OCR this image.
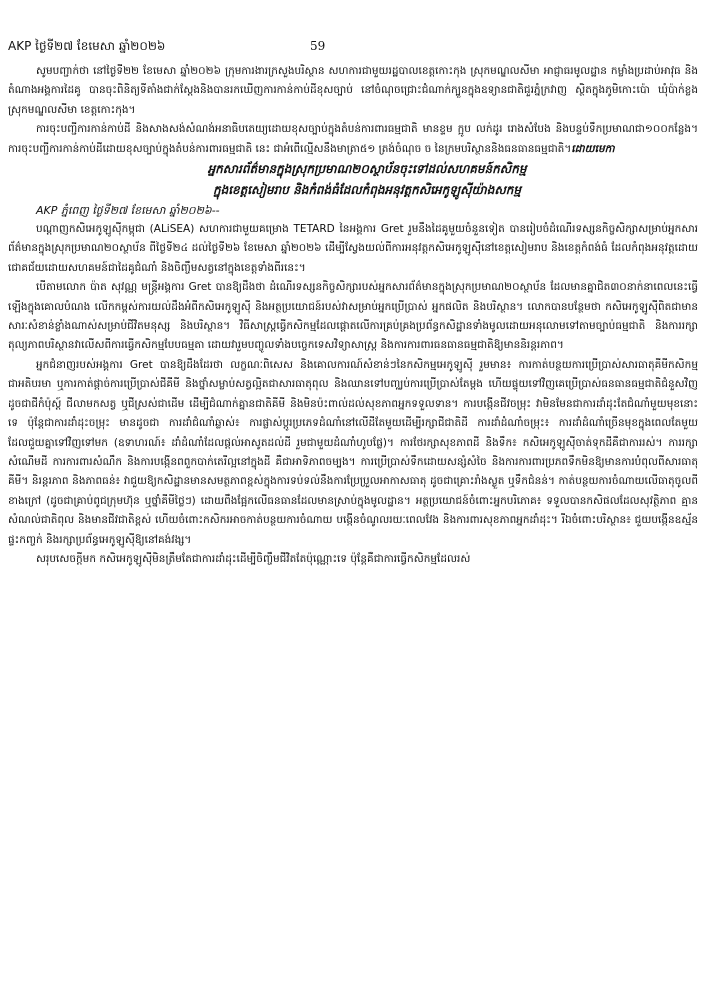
AKP ថ្ងៃទី២៧ ខែមេសា ឆ្នាំ២០២៦	59

សូមបញ្ជាក់ថា នៅថ្ងៃទី២២ ខែមេសា ឆ្នាំ២០២៦ ក្រុមការងារក្រសួងបរិស្ថាន សហការជាមួយរដ្ឋបាលខេត្តកោះកុង ស្រុកមណ្ឌលសីមា អាជ្ញាធរមូលដ្ឋាន កម្លាំងប្រដាប់អាវុធ និងតំណាងអង្គការដៃគូ បានចុះពិនិត្យទីតាំងជាក់ស្តែងនិងបានរកឃើញការកាន់កាប់ដីខុសច្បាប់ នៅចំណុចជ្រោះជំណាក់ក្បួនក្នុងឧទ្យានជាតិជួរភ្នំក្រវាញ ស្ថិតក្នុងភូមិកោះប៉ោ ឃុំប៉ាក់ខ្លង ស្រុកមណ្ឌលសីមា ខេត្តកោះកុង។

ការចុះបញ្ជីការកាន់កាប់ដី និងសាងសង់សំណង់អនាធិបតេយ្យដោយខុសច្បាប់ក្នុងតំបន់ការពារធម្មជាតិ មានខ្ទម ក្អូប លក់ដូរ រោងសំបែង និងបន្ទប់ទឹកប្រមាណជា១០០កន្លែង។ ការចុះបញ្ជីការកាន់កាប់ដីដោយខុសច្បាប់ក្នុងតំបន់ការពារធម្មជាតិ នេះ ជាអំពើល្មើសនឹងមាត្រា៥១ ត្រង់ចំណុច ច នៃក្រមបរិស្ថាននិងធនធានធម្មជាតិ។ដោយមេកា

អ្នកសារព័ត៌មានក្នុងស្រុកប្រមាណ២០ស្ថាប័នចុះទៅដល់សហគមន៍កសិកម្ម

ក្នុងខេត្តសៀមរាប និងកំពង់ធំដែលកំពុងអនុវត្តកសិអេកូឡូស៊ីយ៉ាងសកម្ម

AKP ភ្នំពេញ ថ្ងៃទី២៧ ខែមេសា ឆ្នាំ២០២៦--

បណ្តាញកសិអេកូឡូស៊ីកម្ពុជា (ALiSEA) សហការជាមួយគម្រោង TETARD នៃអង្គការ Gret រួមនឹងដៃគូមួយចំនួនទៀត បានរៀបចំដំណើរទស្សនកិច្ចសិក្សាសម្រាប់អ្នកសារព័ត៌មានក្នុងស្រុកប្រមាណ២០ស្ថាប័ន ពីថ្ងៃទី២៤ ដល់ថ្ងៃទី២៦ ខែមេសា ឆ្នាំ២០២៦ ដើម្បីស្វែងយល់ពីការអនុវត្តកសិអេកូឡូស៊ីនៅខេត្តសៀមរាប និងខេត្តកំពង់ធំ ដែលកំពុងអនុវត្តដោយជោគជ័យដោយសហគមន៍ជាដៃគូជំណាំ និងចិញ្ចឹមសត្វនៅក្នុងខេត្តទាំងពីរនេះ។

បើតាមលោក ប៉ាត សុវណ្ណ មន្ត្រីអង្គការ Gret បានឱ្យដឹងថា ដំណើរទស្សនកិច្ចសិក្សារបស់អ្នកសារព័ត៌មានក្នុងស្រុកប្រមាណ២០ស្ថាប័ន ដែលមានគ្នាជិត៣០នាក់នាពេលនេះធ្វើឡើងក្នុងគោលបំណង លើកកម្ពស់ការយល់ដឹងអំពីកសិអេកូឡូស៊ី និងអត្ថប្រយោជន៍របស់វាសម្រាប់អ្នកប្រើប្រាស់ អ្នកផលិត និងបរិស្ថាន។ លោកបានបន្ថែមថា កសិអេកូឡូស៊ីពិតជាមានសារៈសំខាន់ខ្លាំងណាស់សម្រាប់ជីវិតមនុស្ស និងបរិស្ថាន។ វិធីសាស្ត្រធ្វើកសិកម្មដែលផ្តោតលើការគ្រប់គ្រងប្រព័ន្ធកសិដ្ឋានទាំងមូលដោយអនុលោមទៅតាមច្បាប់ធម្មជាតិ និងការរក្សាតុល្យភាពបរិស្ថានវាលើសពីការធ្វើកសិកម្មបែបធម្មតា ដោយវារួមបញ្ចូលទាំងបច្ចេកទេសវិទ្យាសាស្ត្រ និងការការពារធនធានធម្មជាតិឱ្យមាននិរន្តរភាព។

អ្នកជំនាញរបស់អង្គការ Gret បានឱ្យដឹងដែរថា លក្ខណៈពិសេស និងគោលការណ៍សំខាន់ៗនៃកសិកម្មអេកូឡូស៊ី រួមមាន៖ ការកាត់បន្ថយការប្រើប្រាស់សារធាតុគីមីកសិកម្មជាអតិបរមា ឬការកាត់ផ្តាច់ការប្រើប្រាស់ជីគីមី និងថ្នាំសម្លាប់សត្វល្អិតជាសារធាតុពុល និងឈានទៅបញ្ឈប់ការប្រើប្រាស់តែម្តង ហើយផ្ទុយទៅវិញគេប្រើប្រាស់ធនធានធម្មជាតិជំនួសវិញ ដូចជាជីកំប៉ុស្ត៍ ជីលាមកសត្វ ឬជីស្រស់ជាដើម ដើម្បីជំណាក់គ្នានជាតិគីមី និងមិនប៉ះពាល់ដល់សុខភាពអ្នកទទួលទាន។ ការបង្កើនជីវចម្រុះ វាមិនមែនជាការដាំដុះតែជំណាំមួយមុខនោះទេ ប៉ុន្តែជាការដាំដុះចម្រុះ មានដូចជា ការដាំជំណាំឆ្លាស់៖ ការផ្លាស់ប្តូរប្រភេទដំណាំនៅលើដីតែមួយដើម្បីរក្សាជីជាតិដី ការដាំដំណាំចម្រុះ៖ ការដាំដំណាំច្រើនមុខក្នុងពេលតែមួយ ដែលជួយគ្នាទៅវិញទៅមក (ឧទាហរណ៍៖ ដាំដំណាំដែលផ្តល់អាសូតដល់ដី រួមជាមួយដំណាំហូបផ្លែ)។ ការថែរក្សាសុខភាពដី និងទឹក៖ កសិអេកូឡូស៊ីចាត់ទុកដីគឺជាការរស់។ ការរក្សាសំណើមដី ការការពារសំណឹក និងការបង្កើនពពួកបាក់តេរីល្អនៅក្នុងដី គឺជាអាទិភាពចម្បង។ ការប្រើប្រាស់ទឹកដោយសន្សំសំចៃ និងការការពារប្រភពទឹកមិនឱ្យមានការបំពុលពីសារធាតុគីមី។ និរន្តរភាព និងភាពធន់៖ វាជួយឱ្យកសិដ្ឋានមានសមត្ថភាពខ្ពស់ក្នុងការទប់ទល់នឹងការប្រែប្រួលអាកាសធាតុ ដូចជាគ្រោះរាំងស្ងួត ឬទឹកជំនន់។ កាត់បន្ថយការចំណាយលើធាតុចូលពីខាងក្រៅ (ដូចជាគ្រាប់ពូជក្រុមហ៊ុន ឬថ្នាំគីមីថ្លៃៗ) ដោយពឹងផ្អែកលើធនធានដែលមានស្រាប់ក្នុងមូលដ្ឋាន។ អត្ថប្រយោជន៍ចំពោះអ្នកបរិភោគ៖ ទទួលបានកសិផលដែលសុវត្ថិភាព គ្មានសំណល់ជាតិពុល និងមានជីវជាតិខ្ពស់ ហើយចំពោះកសិករអាចកាត់បន្ថយការចំណាយ បង្កើនចំណូលរយៈពេលវែង និងការពារសុខភាពអ្នកដាំដុះ។ រីឯចំពោះបរិស្ថាន៖ ជួយបង្កើនឧស្ម័នផ្ទះកញ្ចក់ និងរក្សាប្រព័ន្ធអេកូឡូស៊ីឱ្យនៅគង់វង្ស។

សរុបសេចក្តីមក កសិអេកូឡូស៊ីមិនត្រឹមតែជាការដាំដុះដើម្បីចិញ្ចឹមជីវិតតែប៉ុណ្ណោះទេ ប៉ុន្តែគឺជាការធ្វើកសិកម្មដែលរស់
